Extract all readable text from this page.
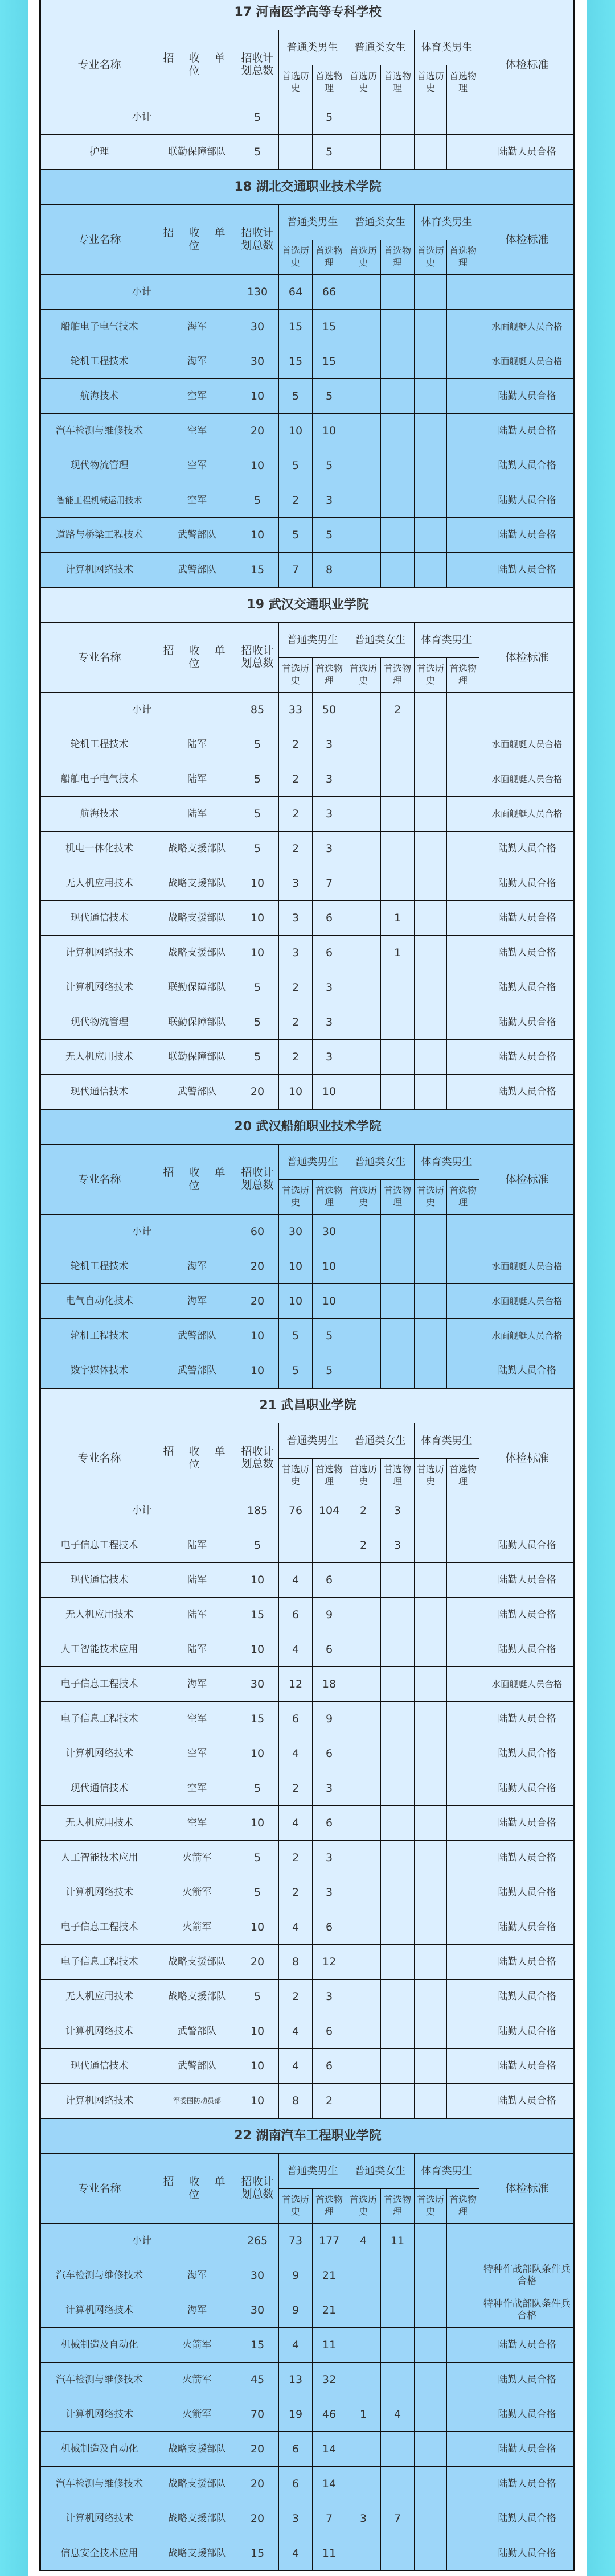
17 河南医学高等专科学校									
专业名称	招 收 单 位	招收计划总数	普通类男生		普通类女生		体育类男生		体检标准
			首选历史	首选物理	首选历史	首选物理	首选历史	首选物理	
小计		5		5					
护理	联勤保障部队	5		5					陆勤人员合格
18 湖北交通职业技术学院									
专业名称	招 收 单 位	招收计划总数	普通类男生		普通类女生		体育类男生		体检标准
			首选历史	首选物理	首选历史	首选物理	首选历史	首选物理	
小计		130	64	66					
船舶电子电气技术	海军	30	15	15					水面舰艇人员合格
轮机工程技术	海军	30	15	15					水面舰艇人员合格
航海技术	空军	10	5	5					陆勤人员合格
汽车检测与维修技术	空军	20	10	10					陆勤人员合格
现代物流管理	空军	10	5	5					陆勤人员合格
智能工程机械运用技术	空军	5	2	3					陆勤人员合格
道路与桥梁工程技术	武警部队	10	5	5					陆勤人员合格
计算机网络技术	武警部队	15	7	8					陆勤人员合格
19 武汉交通职业学院									
专业名称	招 收 单 位	招收计划总数	普通类男生		普通类女生		体育类男生		体检标准
			首选历史	首选物理	首选历史	首选物理	首选历史	首选物理	
小计		85	33	50		2			
轮机工程技术	陆军	5	2	3					水面舰艇人员合格
船舶电子电气技术	陆军	5	2	3					水面舰艇人员合格
航海技术	陆军	5	2	3					水面舰艇人员合格
机电一体化技术	战略支援部队	5	2	3					陆勤人员合格
无人机应用技术	战略支援部队	10	3	7					陆勤人员合格
现代通信技术	战略支援部队	10	3	6		1			陆勤人员合格
计算机网络技术	战略支援部队	10	3	6		1			陆勤人员合格
计算机网络技术	联勤保障部队	5	2	3					陆勤人员合格
现代物流管理	联勤保障部队	5	2	3					陆勤人员合格
无人机应用技术	联勤保障部队	5	2	3					陆勤人员合格
现代通信技术	武警部队	20	10	10					陆勤人员合格
20 武汉船舶职业技术学院									
专业名称	招 收 单 位	招收计划总数	普通类男生		普通类女生		体育类男生		体检标准
			首选历史	首选物理	首选历史	首选物理	首选历史	首选物理	
小计		60	30	30					
轮机工程技术	海军	20	10	10					水面舰艇人员合格
电气自动化技术	海军	20	10	10					水面舰艇人员合格
轮机工程技术	武警部队	10	5	5					水面舰艇人员合格
数字媒体技术	武警部队	10	5	5					陆勤人员合格
21 武昌职业学院									
专业名称	招 收 单 位	招收计划总数	普通类男生		普通类女生		体育类男生		体检标准
			首选历史	首选物理	首选历史	首选物理	首选历史	首选物理	
小计		185	76	104	2	3			
电子信息工程技术	陆军	5			2	3			陆勤人员合格
现代通信技术	陆军	10	4	6					陆勤人员合格
无人机应用技术	陆军	15	6	9					陆勤人员合格
人工智能技术应用	陆军	10	4	6					陆勤人员合格
电子信息工程技术	海军	30	12	18					水面舰艇人员合格
电子信息工程技术	空军	15	6	9					陆勤人员合格
计算机网络技术	空军	10	4	6					陆勤人员合格
现代通信技术	空军	5	2	3					陆勤人员合格
无人机应用技术	空军	10	4	6					陆勤人员合格
人工智能技术应用	火箭军	5	2	3					陆勤人员合格
计算机网络技术	火箭军	5	2	3					陆勤人员合格
电子信息工程技术	火箭军	10	4	6					陆勤人员合格
电子信息工程技术	战略支援部队	20	8	12					陆勤人员合格
无人机应用技术	战略支援部队	5	2	3					陆勤人员合格
计算机网络技术	武警部队	10	4	6					陆勤人员合格
现代通信技术	武警部队	10	4	6					陆勤人员合格
计算机网络技术	军委国防动员部	10	8	2					陆勤人员合格
22 湖南汽车工程职业学院									
专业名称	招 收 单 位	招收计划总数	普通类男生		普通类女生		体育类男生		体检标准
			首选历史	首选物理	首选历史	首选物理	首选历史	首选物理	
小计		265	73	177	4	11			
汽车检测与维修技术	海军	30	9	21					特种作战部队条件兵合格
计算机网络技术	海军	30	9	21					特种作战部队条件兵合格
机械制造及自动化	火箭军	15	4	11					陆勤人员合格
汽车检测与维修技术	火箭军	45	13	32					陆勤人员合格
计算机网络技术	火箭军	70	19	46	1	4			陆勤人员合格
机械制造及自动化	战略支援部队	20	6	14					陆勤人员合格
汽车检测与维修技术	战略支援部队	20	6	14					陆勤人员合格
计算机网络技术	战略支援部队	20	3	7	3	7			陆勤人员合格
信息安全技术应用	战略支援部队	15	4	11					陆勤人员合格
